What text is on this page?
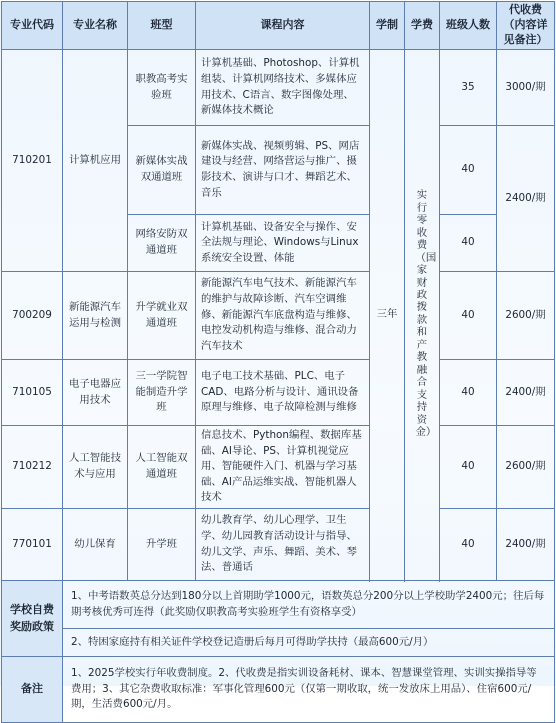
专业代码	专业名称	班型	课程内容	学制	学费	班级人数	代收费（内容详见备注）
710201	计算机应用	职教高考实验班	计算机基础、Photoshop、计算机组装、计算机网络技术、多媒体应用技术、C语言、数字图像处理、新媒体技术概论	三年	实行零收费（国家财政拨款和产教融合支持资金）	35	3000/期
		新媒体实战双通道班	新媒体实战、视频剪辑、PS、网店建设与经营、网络营运与推广、摄影技术、演讲与口才、舞蹈艺术、音乐			40	2400/期
		网络安防双通道班	计算机基础、设备安全与操作、安全法规与理论、Windows与Linux系统安全设置、体能			40	
700209	新能源汽车运用与检测	升学就业双通道班	新能源汽车电气技术、新能源汽车的维护与故障诊断、汽车空调维修、新能源汽车底盘构造与维修、电控发动机构造与维修、混合动力汽车技术			40	2600/期
710105	电子电器应用技术	三一学院智能制造升学班	电子电工技术基础、PLC、电子CAD、电路分析与设计、通讯设备原理与维修、电子故障检测与维修			40	2400/期
710212	人工智能技术与应用	人工智能双通道班	信息技术、Python编程、数据库基础、AI导论、PS、计算机视觉应用、智能硬件入门、机器与学习基础、AI产品运维实战、智能机器人技术			40	2600/期
770101	幼儿保育	升学班	幼儿教育学、幼儿心理学、卫生学、幼儿园教育活动设计与指导、幼儿文学、声乐、舞蹈、美术、琴法、普通话			40	2400/期

学校自费奖励政策	1、中考语数英总分达到180分以上首期助学1000元，语数英总分200分以上学校助学2400元；往后每期考核优秀可连得（此奖励仅职教高考实验班学生有资格享受）						
	2、特困家庭持有相关证件学校登记造册后每月可得助学扶持（最高600元/月）						
备注	1、2025学校实行年收费制度。2、代收费是指实训设备耗材、课本、智慧课堂管理、实训实操指导等费用；3、其它杂费收取标准：军事化管理600元（仅第一期收取，统一发放床上用品）、住宿600元/期，生活费600元/月。						
